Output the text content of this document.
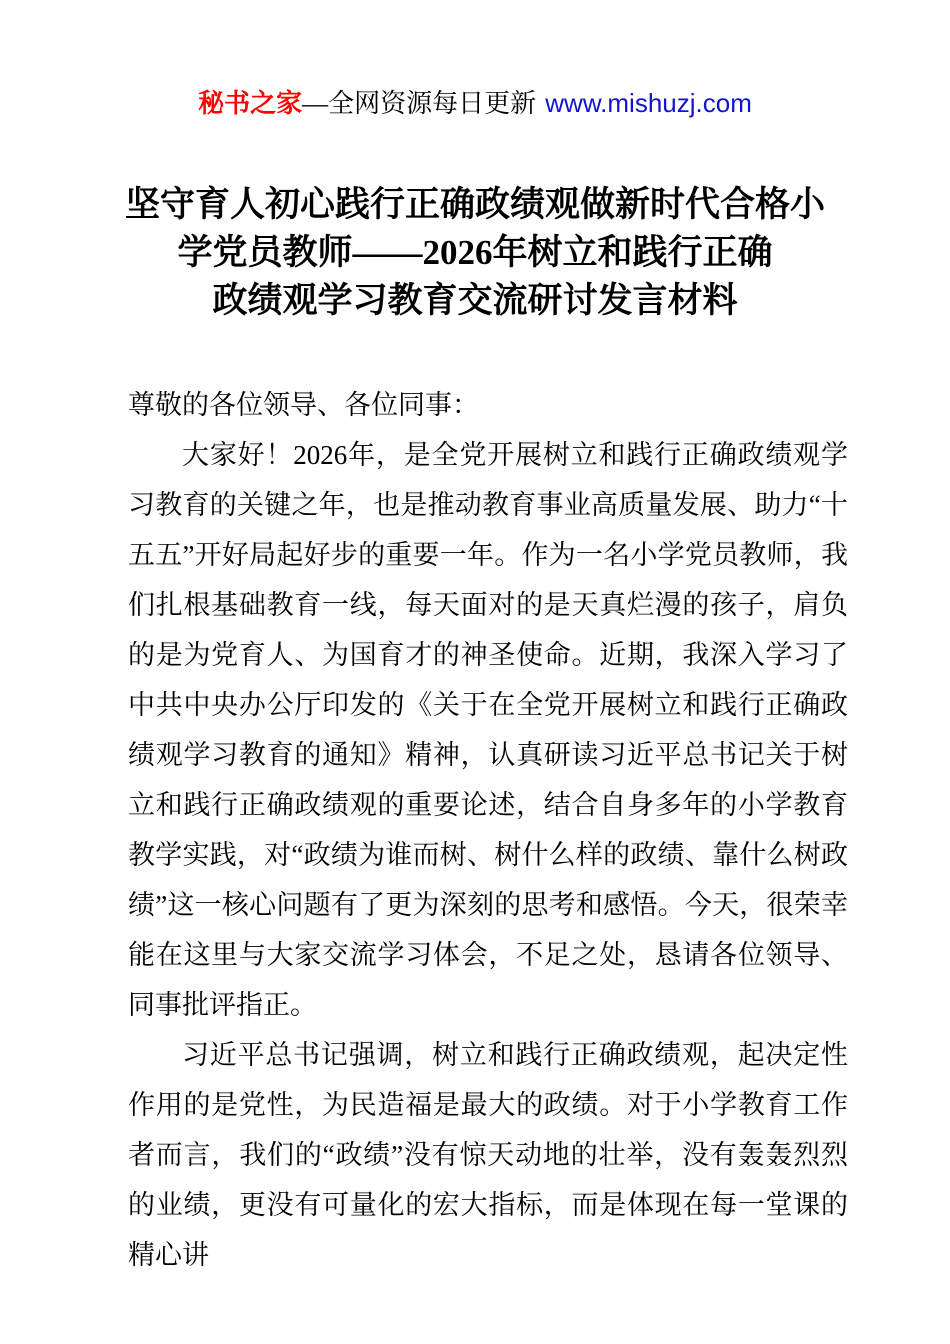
秘书之家—全网资源每日更新 www.mishuzj.com
坚守育人初心践行正确政绩观做新时代合格小
学党员教师——2026年树立和践行正确
政绩观学习教育交流研讨发言材料

尊敬的各位领导、各位同事：

大家好！2026年，是全党开展树立和践行正确政绩观学习教育的关键之年，也是推动教育事业高质量发展、助力“十五五”开好局起好步的重要一年。作为一名小学党员教师，我们扎根基础教育一线，每天面对的是天真烂漫的孩子，肩负的是为党育人、为国育才的神圣使命。近期，我深入学习了中共中央办公厅印发的《关于在全党开展树立和践行正确政绩观学习教育的通知》精神，认真研读习近平总书记关于树立和践行正确政绩观的重要论述，结合自身多年的小学教育教学实践，对“政绩为谁而树、树什么样的政绩、靠什么树政绩”这一核心问题有了更为深刻的思考和感悟。今天，很荣幸能在这里与大家交流学习体会，不足之处，恳请各位领导、同事批评指正。

习近平总书记强调，树立和践行正确政绩观，起决定性作用的是党性，为民造福是最大的政绩。对于小学教育工作者而言，我们的“政绩”没有惊天动地的壮举，没有轰轰烈烈的业绩，更没有可量化的宏大指标，而是体现在每一堂课的精心讲
